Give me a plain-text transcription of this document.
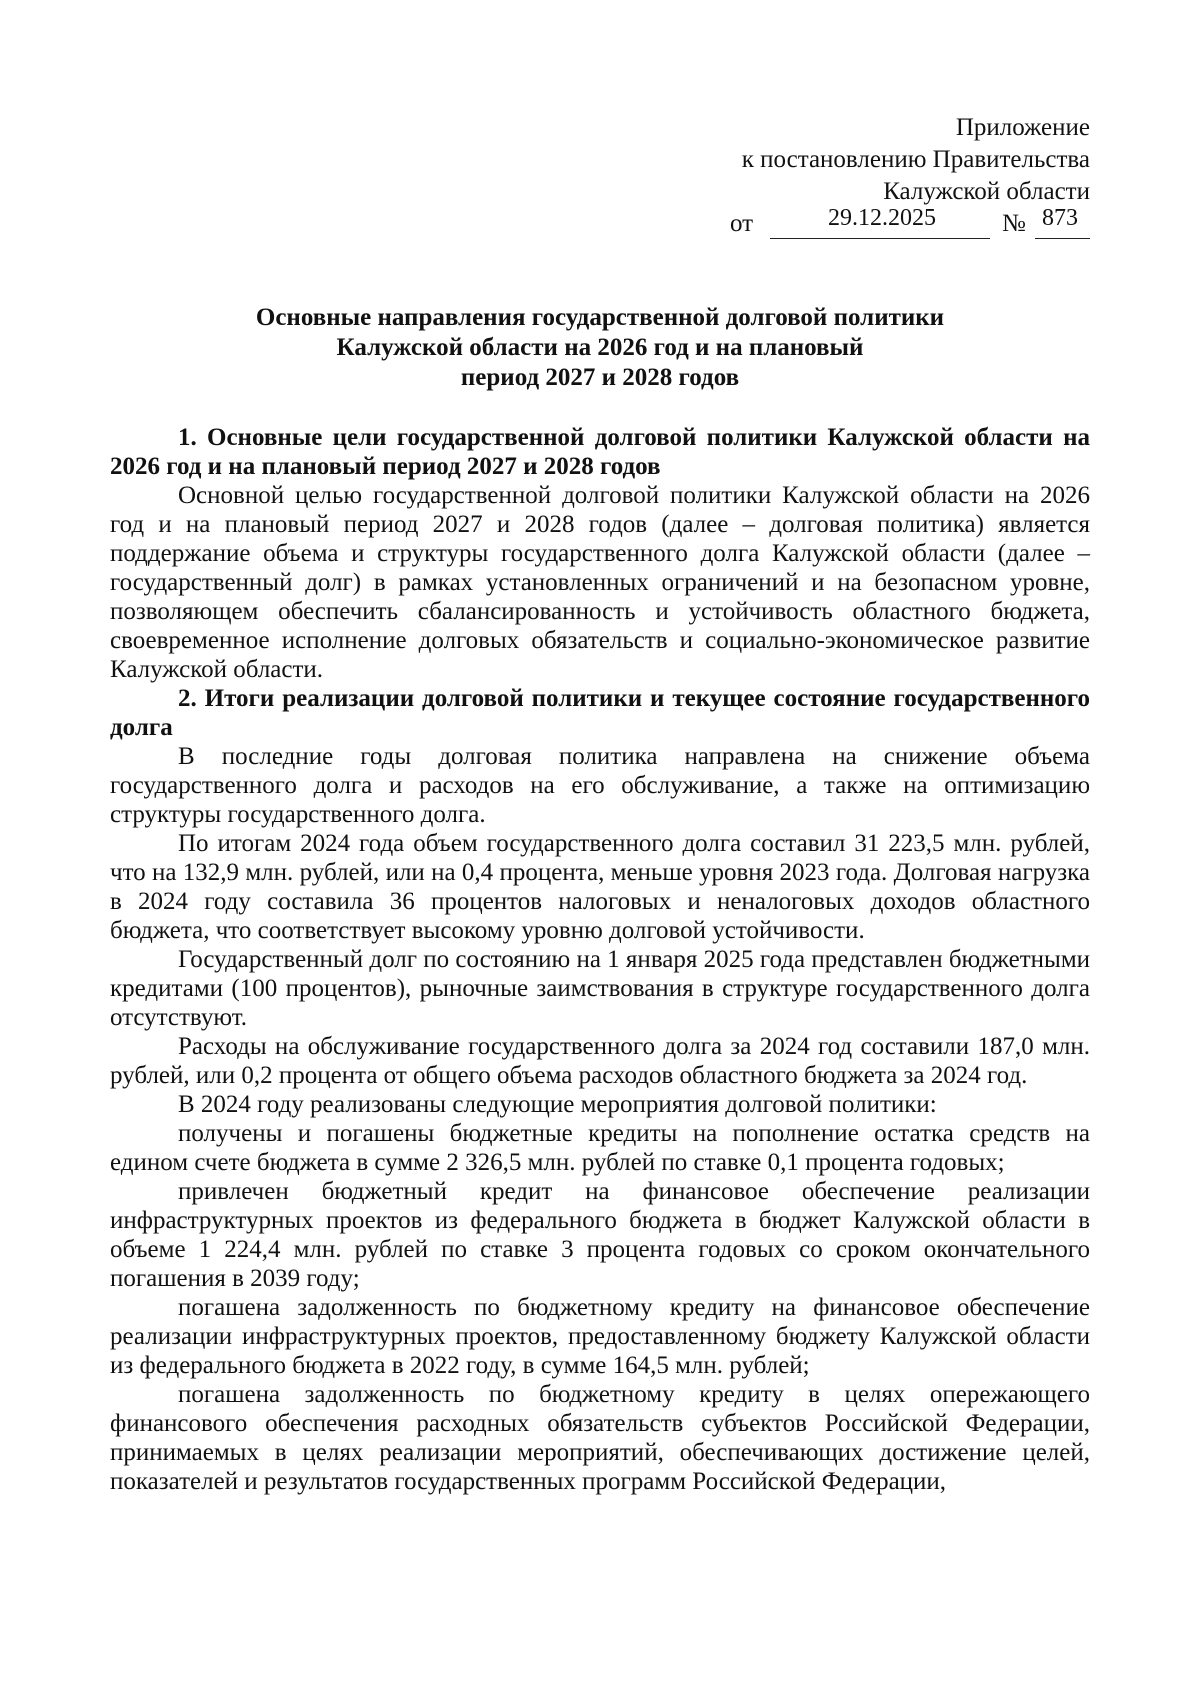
Приложение
к постановлению Правительства
Калужской области
от	29.12.2025	№ 873
Основные направления государственной долговой политики
Калужской области на 2026 год и на плановый
период 2027 и 2028 годов

1. Основные цели государственной долговой политики Калужской области на 2026 год и на плановый период 2027 и 2028 годов

Основной целью государственной долговой политики Калужской области на 2026 год и на плановый период 2027 и 2028 годов (далее – долговая политика) является поддержание объема и структуры государственного долга Калужской области (далее – государственный долг) в рамках установленных ограничений и на безопасном уровне, позволяющем обеспечить сбалансированность и устойчивость областного бюджета, своевременное исполнение долговых обязательств и социально-экономическое развитие Калужской области.

2. Итоги реализации долговой политики и текущее состояние государственного долга

В последние годы долговая политика направлена на снижение объема государственного долга и расходов на его обслуживание, а также на оптимизацию структуры государственного долга.

По итогам 2024 года объем государственного долга составил 31 223,5 млн. рублей, что на 132,9 млн. рублей, или на 0,4 процента, меньше уровня 2023 года. Долговая нагрузка в 2024 году составила 36 процентов налоговых и неналоговых доходов областного бюджета, что соответствует высокому уровню долговой устойчивости.

Государственный долг по состоянию на 1 января 2025 года представлен бюджетными кредитами (100 процентов), рыночные заимствования в структуре государственного долга отсутствуют.

Расходы на обслуживание государственного долга за 2024 год составили 187,0 млн. рублей, или 0,2 процента от общего объема расходов областного бюджета за 2024 год.

В 2024 году реализованы следующие мероприятия долговой политики:

получены и погашены бюджетные кредиты на пополнение остатка средств на едином счете бюджета в сумме 2 326,5 млн. рублей по ставке 0,1 процента годовых;

привлечен бюджетный кредит на финансовое обеспечение реализации инфраструктурных проектов из федерального бюджета в бюджет Калужской области в объеме 1 224,4 млн. рублей по ставке 3 процента годовых со сроком окончательного погашения в 2039 году;

погашена задолженность по бюджетному кредиту на финансовое обеспечение реализации инфраструктурных проектов, предоставленному бюджету Калужской области из федерального бюджета в 2022 году, в сумме 164,5 млн. рублей;

погашена задолженность по бюджетному кредиту в целях опережающего финансового обеспечения расходных обязательств субъектов Российской Федерации, принимаемых в целях реализации мероприятий, обеспечивающих достижение целей, показателей и результатов государственных программ Российской Федерации,
